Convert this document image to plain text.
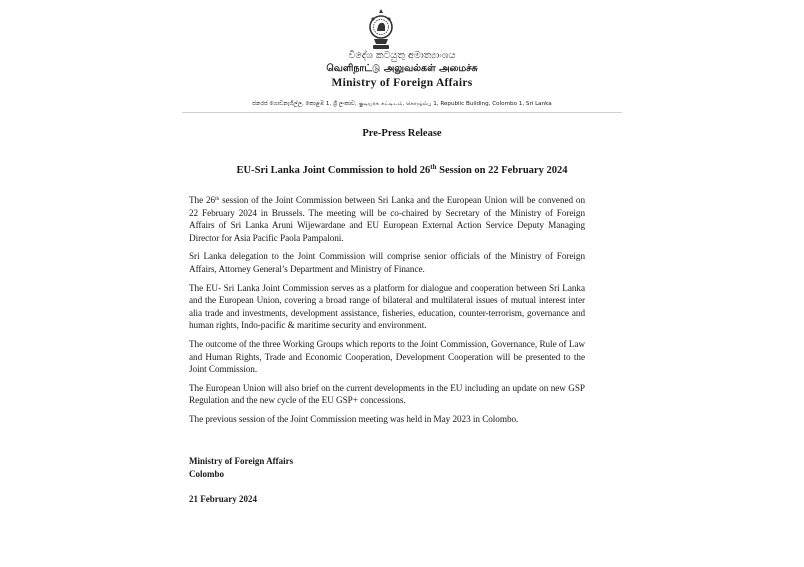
විදේශ කටයුතු අමාත්‍යාංශය
வெளிநாட்டு அலுவல்கள் அமைச்சு
Ministry of Foreign Affairs
ජනරජ ගොඩනැගිල්ල, කොළඹ 1, ශ්‍රී ලංකාව, குடியரசு கட்டிடம், கொழும்பு 1, Republic Building, Colombo 1, Sri Lanka
Pre-Press Release
EU-Sri Lanka Joint Commission to hold 26th Session on 22 February 2024

The 26th session of the Joint Commission between Sri Lanka and the European Union will be convened on 22 February 2024 in Brussels. The meeting will be co-chaired by Secretary of the Ministry of Foreign Affairs of Sri Lanka Aruni Wijewardane and EU European External Action Service Deputy Managing Director for Asia Pacific Paola Pampaloni.

Sri Lanka delegation to the Joint Commission will comprise senior officials of the Ministry of Foreign Affairs, Attorney General’s Department and Ministry of Finance.

The EU- Sri Lanka Joint Commission serves as a platform for dialogue and cooperation between Sri Lanka and the European Union, covering a broad range of bilateral and multilateral issues of mutual interest inter alia trade and investments, development assistance, fisheries, education, counter-terrorism, governance and human rights, Indo-pacific & maritime security and environment.

The outcome of the three Working Groups which reports to the Joint Commission, Governance, Rule of Law and Human Rights, Trade and Economic Cooperation, Development Cooperation will be presented to the Joint Commission.

The European Union will also brief on the current developments in the EU including an update on new GSP Regulation and the new cycle of the EU GSP+ concessions.

The previous session of the Joint Commission meeting was held in May 2023 in Colombo.

Ministry of Foreign Affairs
Colombo
21 February 2024
